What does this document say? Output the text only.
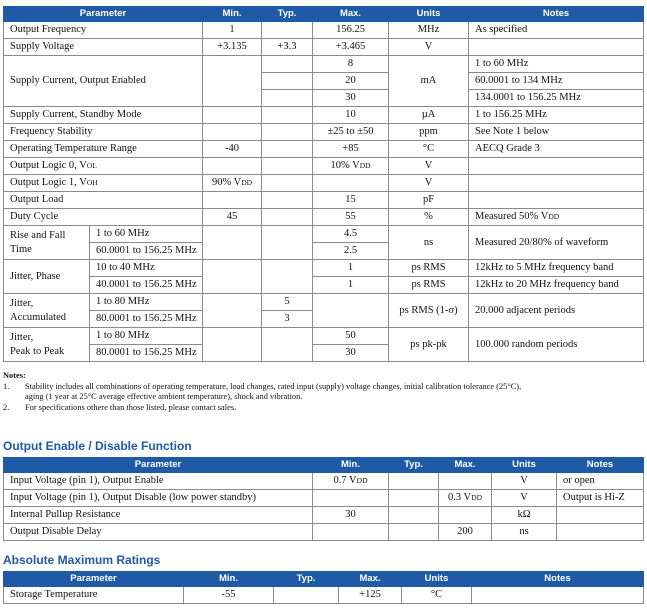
Parameter		Min.	Typ.	Max.	Units	Notes
Output Frequency		1		156.25	MHz	As specified
Supply Voltage		+3.135	+3.3	+3.465	V	
Supply Current, Output Enabled				8	mA	1 to 60 MHz
				20		60.0001 to 134 MHz
				30		134.0001 to 156.25 MHz
Supply Current, Standby Mode				10	µA	1 to 156.25 MHz
Frequency Stability				±25 to ±50	ppm	See Note 1 below
Operating Temperature Range		-40		+85	°C	AECQ Grade 3
Output Logic 0, VOL				10% VDD	V	
Output Logic 1, VOH		90% VDD			V	
Output Load				15	pF	
Duty Cycle		45		55	%	Measured 50% VDD
Rise and Fall
Time	1 to 60 MHz			4.5	ns	Measured 20/80% of waveform
	60.0001 to 156.25 MHz			2.5		
Jitter, Phase	10 to 40 MHz			1	ps RMS	12kHz to 5 MHz frequency band
	40.0001 to 156.25 MHz			1	ps RMS	12kHz to 20 MHz frequency band
Jitter,
Accumulated	1 to 80 MHz		5		ps RMS (1-σ)	20.000 adjacent periods
	80.0001 to 156.25 MHz		3			
Jitter,
Peak to Peak	1 to 80 MHz			50	ps pk-pk	100.000 random periods
	80.0001 to 156.25 MHz			30		
Notes:
1.	Stability includes all combinations of operating temperature, load changes, rated input (supply) voltage changes, initial calibration tolerance (25°C),
aging (1 year at 25°C average effective ambient temperature), shock and vibration.
2.	For specifications othere than those listed, please contact sales.
Output Enable / Disable Function
Parameter	Min.	Typ.	Max.	Units	Notes
Input Voltage (pin 1), Output Enable	0.7 VDD			V	or open
Input Voltage (pin 1), Output Disable (low power standby)			0.3 VDD	V	Output is Hi-Z
Internal Pullup Resistance	30			kΩ	
Output Disable Delay			200	ns	
Absolute Maximum Ratings
Parameter	Min.	Typ.	Max.	Units	Notes
Storage Temperature	-55		+125	°C	
